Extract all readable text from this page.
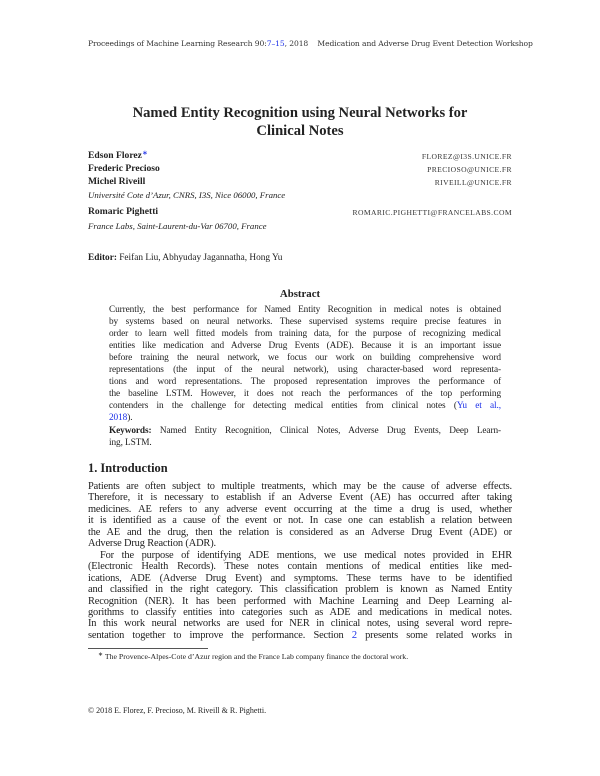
Proceedings of Machine Learning Research 90:7–15, 2018    Medication and Adverse Drug Event Detection Workshop
Named Entity Recognition using Neural Networks for
Clinical Notes
Edson Florez∗	FLOREZ@I3S.UNICE.FR
Frederic Precioso	PRECIOSO@UNICE.FR
Michel Riveill	RIVEILL@UNICE.FR
Université Cote d’Azur, CNRS, I3S, Nice 06000, France
Romaric Pighetti	ROMARIC.PIGHETTI@FRANCELABS.COM
France Labs, Saint-Laurent-du-Var 06700, France
Editor: Feifan Liu, Abhyuday Jagannatha, Hong Yu
Abstract
Currently, the best performance for Named Entity Recognition in medical notes is obtained
by systems based on neural networks. These supervised systems require precise features in
order to learn well fitted models from training data, for the purpose of recognizing medical
entities like medication and Adverse Drug Events (ADE). Because it is an important issue
before training the neural network, we focus our work on building comprehensive word
representations (the input of the neural network), using character-based word representa-
tions and word representations. The proposed representation improves the performance of
the baseline LSTM. However, it does not reach the performances of the top performing
contenders in the challenge for detecting medical entities from clinical notes (Yu et al.,
2018).
Keywords: Named Entity Recognition, Clinical Notes, Adverse Drug Events, Deep Learn-
ing, LSTM.
1. Introduction
Patients are often subject to multiple treatments, which may be the cause of adverse effects.
Therefore, it is necessary to establish if an Adverse Event (AE) has occurred after taking
medicines. AE refers to any adverse event occurring at the time a drug is used, whether
it is identified as a cause of the event or not. In case one can establish a relation between
the AE and the drug, then the relation is considered as an Adverse Drug Event (ADE) or
Adverse Drug Reaction (ADR).
For the purpose of identifying ADE mentions, we use medical notes provided in EHR
(Electronic Health Records). These notes contain mentions of medical entities like med-
ications, ADE (Adverse Drug Event) and symptoms. These terms have to be identified
and classified in the right category. This classification problem is known as Named Entity
Recognition (NER). It has been performed with Machine Learning and Deep Learning al-
gorithms to classify entities into categories such as ADE and medications in medical notes.
In this work neural networks are used for NER in clinical notes, using several word repre-
sentation together to improve the performance. Section 2 presents some related works in
∗ The Provence-Alpes-Cote d’Azur region and the France Lab company finance the doctoral work.
© 2018 E. Florez, F. Precioso, M. Riveill & R. Pighetti.
